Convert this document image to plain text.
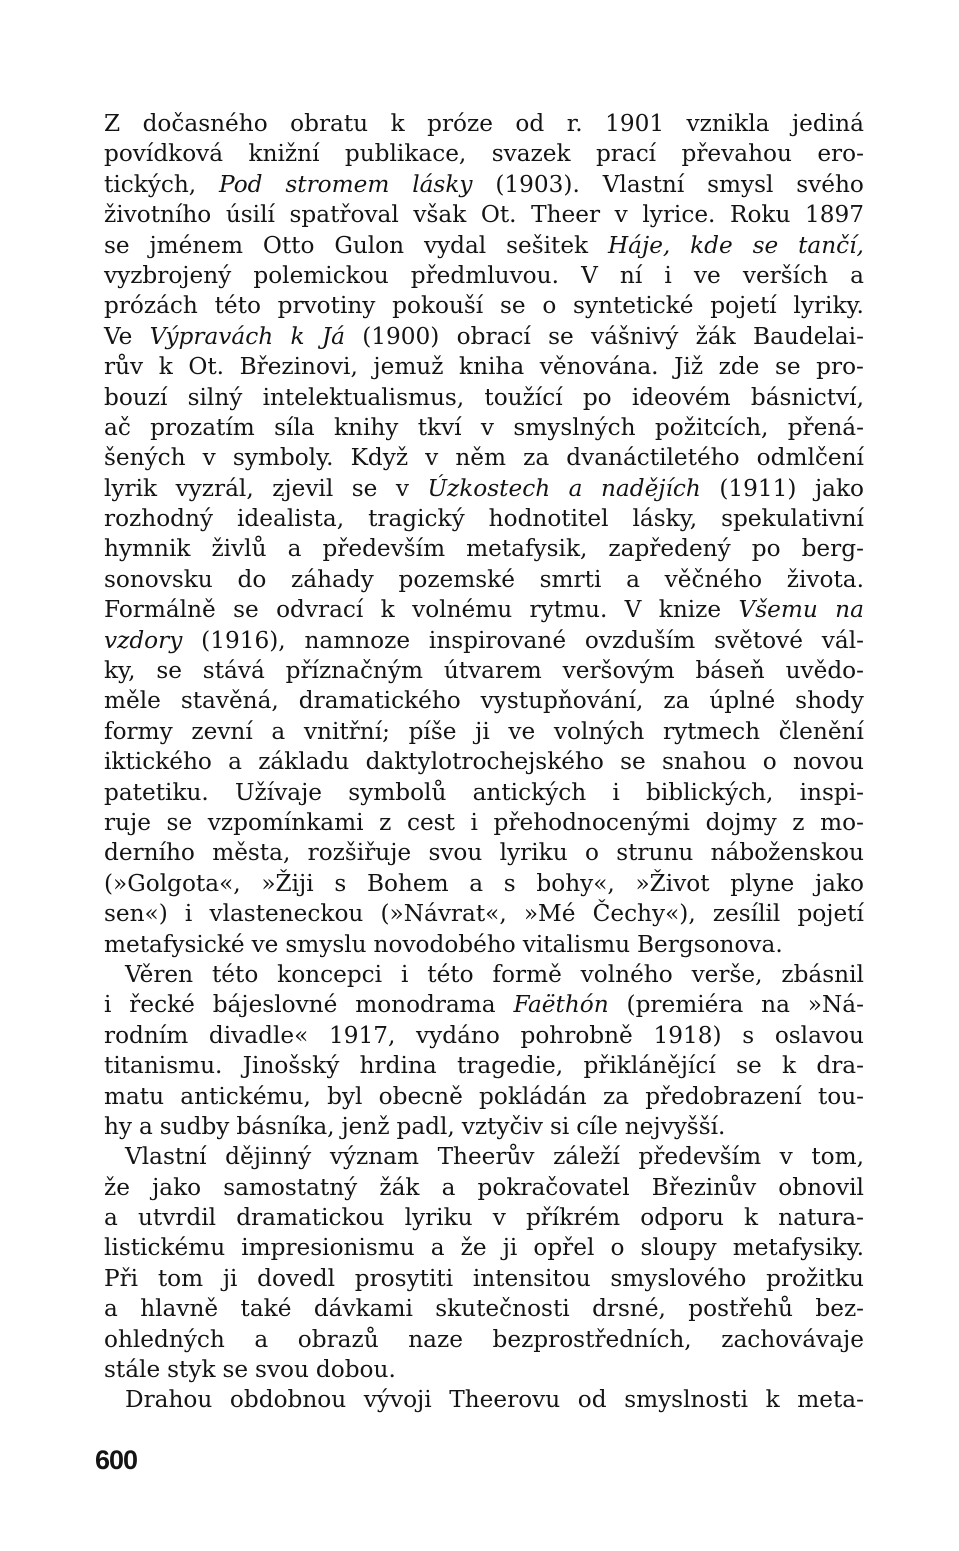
Z dočasného obratu k próze od r. 1901 vznikla jediná
povídková knižní publikace, svazek prací převahou ero-
tických, Pod stromem lásky (1903). Vlastní smysl svého
životního úsilí spatřoval však Ot. Theer v lyrice. Roku 1897
se jménem Otto Gulon vydal sešitek Háje, kde se tančí,
vyzbrojený polemickou předmluvou. V ní i ve verších a
prózách této prvotiny pokouší se o syntetické pojetí lyriky.
Ve Výpravách k Já (1900) obrací se vášnivý žák Baudelai-
rův k Ot. Březinovi, jemuž kniha věnována. Již zde se pro-
bouzí silný intelektualismus, toužící po ideovém básnictví,
ač prozatím síla knihy tkví v smyslných požitcích, přená-
šených v symboly. Když v něm za dvanáctiletého odmlčení
lyrik vyzrál, zjevil se v Úzkostech a nadějích (1911) jako
rozhodný idealista, tragický hodnotitel lásky, spekulativní
hymnik živlů a především metafysik, zapředený po berg-
sonovsku do záhady pozemské smrti a věčného života.
Formálně se odvrací k volnému rytmu. V knize Všemu na
vzdory (1916), namnoze inspirované ovzduším světové vál-
ky, se stává příznačným útvarem veršovým báseň uvědo-
měle stavěná, dramatického vystupňování, za úplné shody
formy zevní a vnitřní; píše ji ve volných rytmech členění
iktického a základu daktylotrochejského se snahou o novou
patetiku. Užívaje symbolů antických i biblických, inspi-
ruje se vzpomínkami z cest i přehodnocenými dojmy z mo-
derního města, rozšiřuje svou lyriku o strunu náboženskou
(»Golgota«, »Žiji s Bohem a s bohy«, »Život plyne jako
sen«) i vlasteneckou (»Návrat«, »Mé Čechy«), zesílil pojetí
metafysické ve smyslu novodobého vitalismu Bergsonova.
Věren této koncepci i této formě volného verše, zbásnil
i řecké bájeslovné monodrama Faëthón (premiéra na »Ná-
rodním divadle« 1917, vydáno pohrobně 1918) s oslavou
titanismu. Jinošský hrdina tragedie, přiklánějící se k dra-
matu antickému, byl obecně pokládán za předobrazení tou-
hy a sudby básníka, jenž padl, vztyčiv si cíle nejvyšší.
Vlastní dějinný význam Theerův záleží především v tom,
že jako samostatný žák a pokračovatel Březinův obnovil
a utvrdil dramatickou lyriku v příkrém odporu k natura-
listickému impresionismu a že ji opřel o sloupy metafysiky.
Při tom ji dovedl prosytiti intensitou smyslového prožitku
a hlavně také dávkami skutečnosti drsné, postřehů bez-
ohledných a obrazů naze bezprostředních, zachovávaje
stále styk se svou dobou.
Drahou obdobnou vývoji Theerovu od smyslnosti k meta-
600
